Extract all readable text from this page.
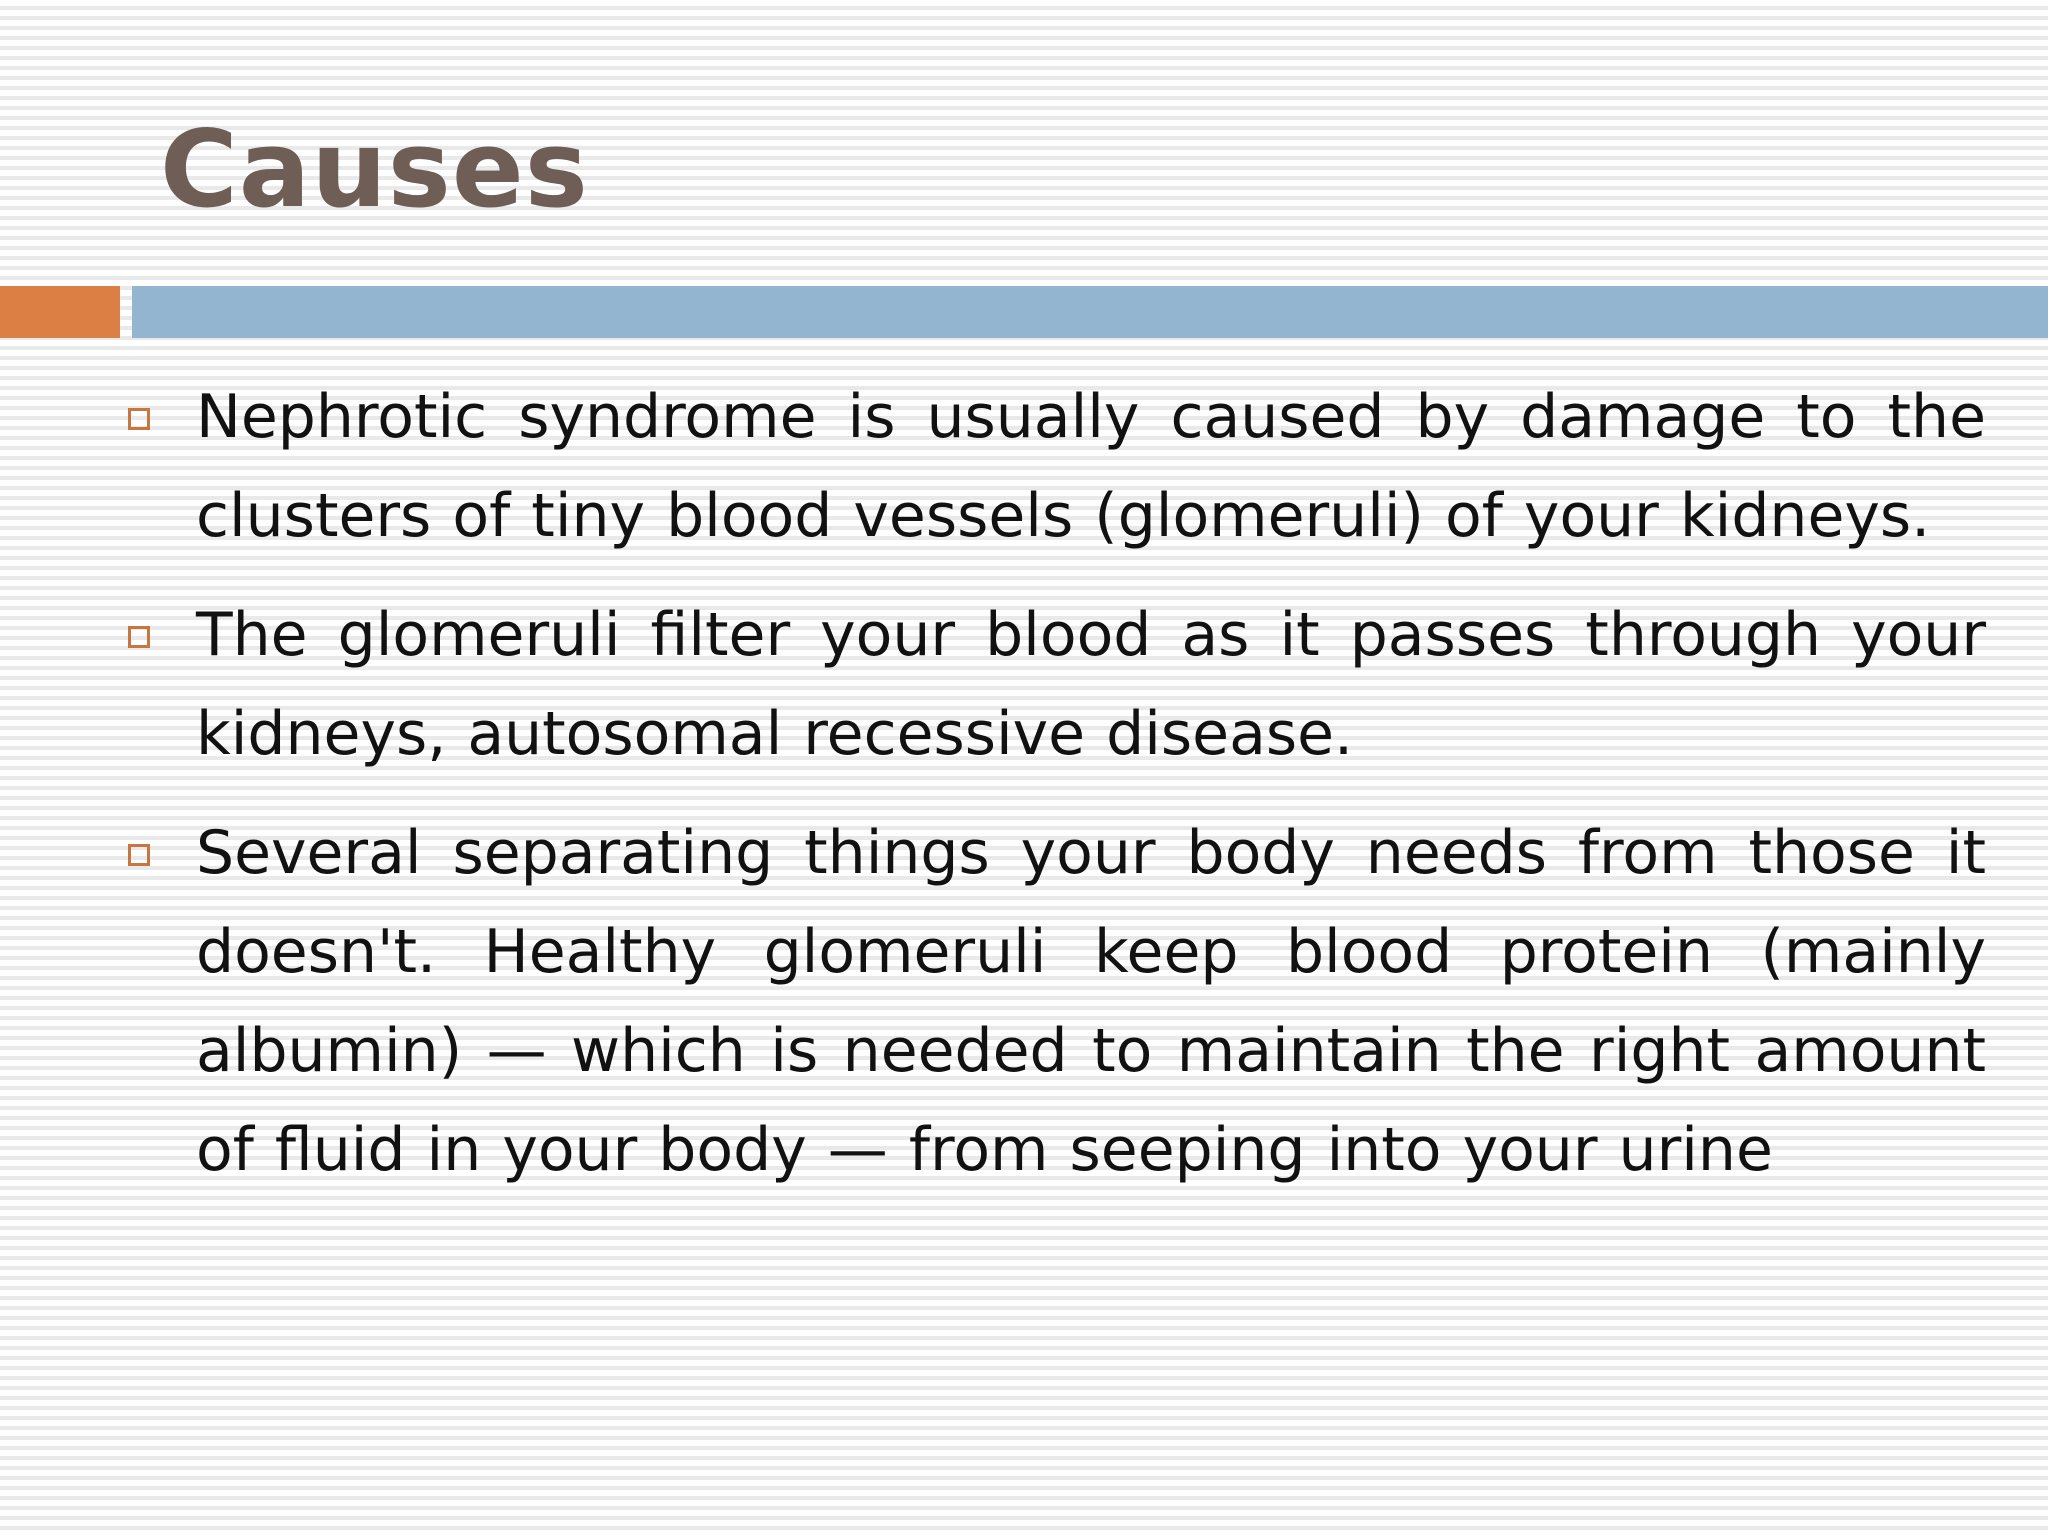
Causes
Nephrotic syndrome is usually caused by damage to the clusters of tiny blood vessels (glomeruli) of your kidneys.
The glomeruli filter your blood as it passes through your kidneys, autosomal recessive disease.
Several separating things your body needs from those it doesn't. Healthy glomeruli keep blood protein (mainly albumin) — which is needed to maintain the right amount of fluid in your body — from seeping into your urine
